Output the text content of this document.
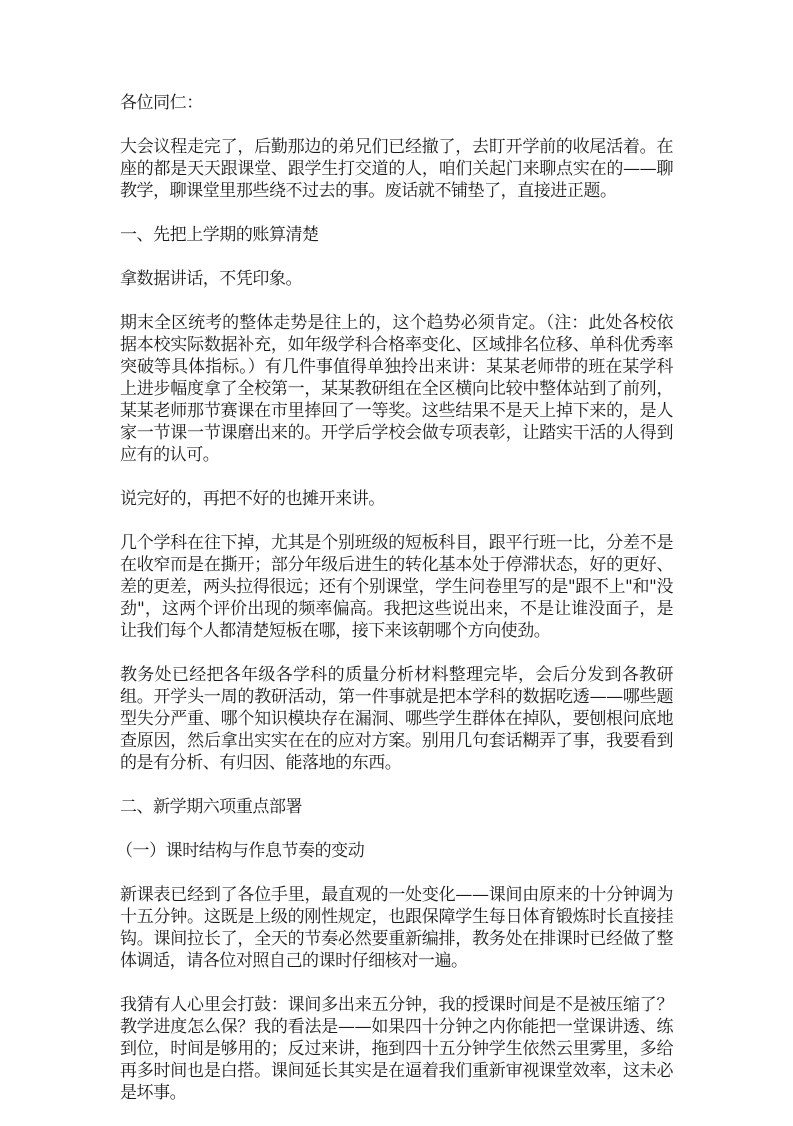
各位同仁：

大会议程走完了，后勤那边的弟兄们已经撤了，去盯开学前的收尾活着。在座的都是天天跟课堂、跟学生打交道的人，咱们关起门来聊点实在的——聊教学，聊课堂里那些绕不过去的事。废话就不铺垫了，直接进正题。

一、先把上学期的账算清楚

拿数据讲话，不凭印象。

期末全区统考的整体走势是往上的，这个趋势必须肯定。（注：此处各校依据本校实际数据补充，如年级学科合格率变化、区域排名位移、单科优秀率突破等具体指标。）有几件事值得单独拎出来讲：某某老师带的班在某学科上进步幅度拿了全校第一，某某教研组在全区横向比较中整体站到了前列，某某老师那节赛课在市里捧回了一等奖。这些结果不是天上掉下来的，是人家一节课一节课磨出来的。开学后学校会做专项表彰，让踏实干活的人得到应有的认可。

说完好的，再把不好的也摊开来讲。

几个学科在往下掉，尤其是个别班级的短板科目，跟平行班一比，分差不是在收窄而是在撕开；部分年级后进生的转化基本处于停滞状态，好的更好、差的更差，两头拉得很远；还有个别课堂，学生问卷里写的是"跟不上"和"没劲"，这两个评价出现的频率偏高。我把这些说出来，不是让谁没面子，是让我们每个人都清楚短板在哪，接下来该朝哪个方向使劲。

教务处已经把各年级各学科的质量分析材料整理完毕，会后分发到各教研组。开学头一周的教研活动，第一件事就是把本学科的数据吃透——哪些题型失分严重、哪个知识模块存在漏洞、哪些学生群体在掉队，要刨根问底地查原因，然后拿出实实在在的应对方案。别用几句套话糊弄了事，我要看到的是有分析、有归因、能落地的东西。

二、新学期六项重点部署

（一）课时结构与作息节奏的变动

新课表已经到了各位手里，最直观的一处变化——课间由原来的十分钟调为十五分钟。这既是上级的刚性规定，也跟保障学生每日体育锻炼时长直接挂钩。课间拉长了，全天的节奏必然要重新编排，教务处在排课时已经做了整体调适，请各位对照自己的课时仔细核对一遍。

我猜有人心里会打鼓：课间多出来五分钟，我的授课时间是不是被压缩了？教学进度怎么保？我的看法是——如果四十分钟之内你能把一堂课讲透、练到位，时间是够用的；反过来讲，拖到四十五分钟学生依然云里雾里，多给再多时间也是白搭。课间延长其实是在逼着我们重新审视课堂效率，这未必是坏事。
